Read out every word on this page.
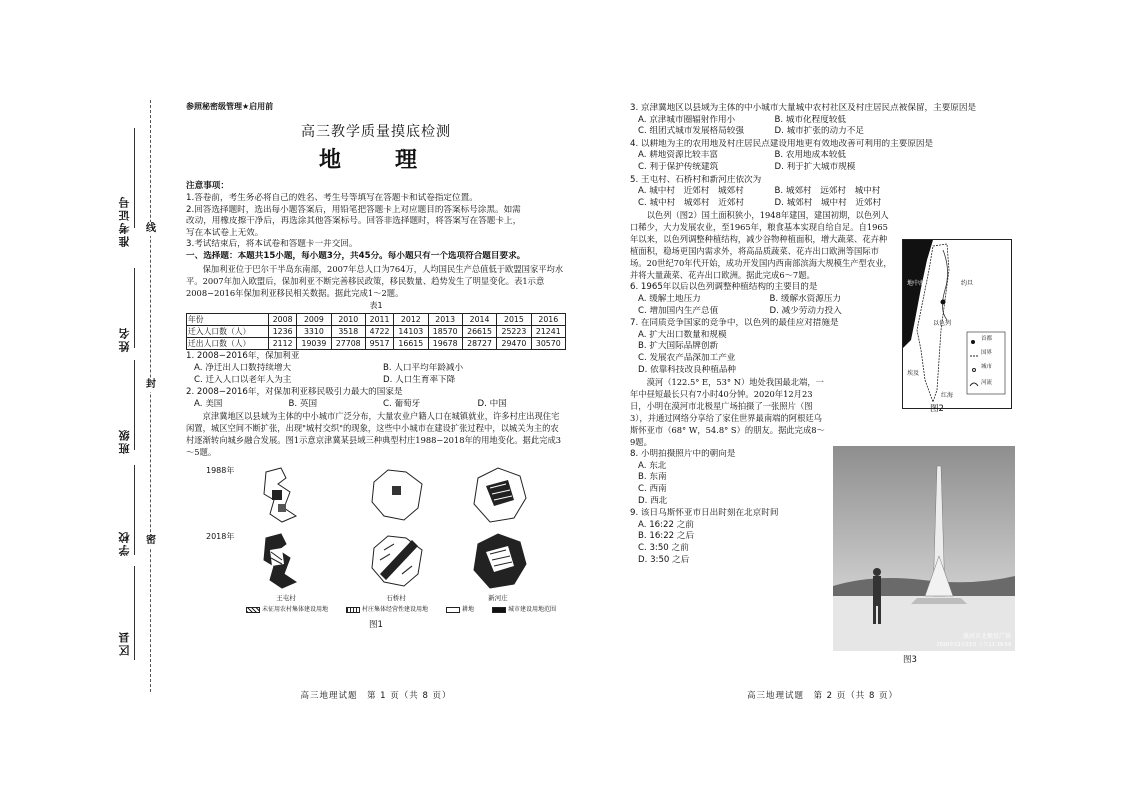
准考证号
姓名
班级
学校
区县
线
封
密
参照秘密级管理★启用前
高三教学质量摸底检测
地　理
注意事项：
1.答卷前，考生务必将自己的姓名、考生号等填写在答题卡和试卷指定位置。
2.回答选择题时，选出每小题答案后，用铅笔把答题卡上对应题目的答案标号涂黑。如需
改动，用橡皮擦干净后，再选涂其他答案标号。回答非选择题时，将答案写在答题卡上，
写在本试卷上无效。
3.考试结束后，将本试卷和答题卡一并交回。
一、选择题：本题共15小题，每小题3分，共45分。每小题只有一个选项符合题目要求。
保加利亚位于巴尔干半岛东南部，2007年总人口为764万，人均国民生产总值低于欧盟国家平均水平。2007年加入欧盟后，保加利亚不断完善移民政策，移民数量、趋势发生了明显变化。表1示意2008−2016年保加利亚移民相关数据。据此完成1～2题。
表1
年份	2008	2009	2010	2011	2012	2013	2014	2015	2016
迁入人口数（人）	1236	3310	3518	4722	14103	18570	26615	25223	21241
迁出人口数（人）	2112	19039	27708	9517	16615	19678	28727	29470	30570
1. 2008−2016年，保加利亚
A. 净迁出人口数持续增大	B. 人口平均年龄减小
C. 迁入人口以老年人为主	D. 人口生育率下降
2. 2008−2016年，对保加利亚移民吸引力最大的国家是
A. 美国	B. 英国	C. 葡萄牙	D. 中国
京津冀地区以县域为主体的中小城市广泛分布，大量农业户籍人口在城镇就业，许多村庄出现住宅闲置，城区空间不断扩张，出现"城村交织"的现象，这些中小城市在建设扩张过程中，以城关为主的农村逐渐转向城乡融合发展。图1示意京津冀某县域三种典型村庄1988−2018年的用地变化。据此完成3～5题。
1988年
2018年
王屯村	石桥村	新河庄
未征用农村集体建设用地	村庄集体经营性建设用地	耕地	城市建设用地范围
图1
高三地理试题　第 1 页（共 8 页）
3. 京津冀地区以县域为主体的中小城市大量城中农村社区及村庄居民点被保留，主要原因是
A. 京津城市圈辐射作用小	B. 城市化程度较低
C. 组团式城市发展格局较强	D. 城市扩张的动力不足
4. 以耕地为主的农用地及村庄居民点建设用地更有效地改善可利用的主要原因是
A. 耕地资源比较丰富	B. 农用地成本较低
C. 利于保护传统建筑	D. 利于扩大城市规模
5. 王屯村、石桥村和新河庄依次为
A. 城中村　近郊村　城郊村	B. 城郊村　远郊村　城中村
C. 城中村　城郊村　近郊村	D. 城郊村　城中村　近郊村
以色列（图2）国土面积狭小，1948年建国，建国初期，以色列人口稀少，大力发展农业，至1965年，粮食基本实现自给自足。自1965年以来，以色列调整种植结构，减少谷物种植面积，增大蔬菜、花卉种植面积，稳场更国内需求外，将高品质蔬菜、花卉出口欧洲等国际市场。20世纪70年代开始，成功开发国内西南部滨海大规模生产型农业，并将大量蔬菜、花卉出口欧洲。据此完成6～7题。
6. 1965年以后以色列调整种植结构的主要目的是
A. 缓解土地压力	B. 缓解水资源压力
C. 增加国内生产总值	D. 减少劳动力投入
7. 在同质竞争国家的竞争中，以色列的最佳应对措施是
A. 扩大出口数量和规模
B. 扩大国际品牌创新
C. 发展农产品深加工产业
D. 依靠科技改良种植品种
漠河（122.5° E，53° N）地处我国最北端，一年中昼短最长只有7小时40分钟。2020年12月23日，小明在漠河市北极星广场拍摄了一张照片（图3），并通过网络分享给了家住世界最南端的阿根廷乌斯怀亚市（68° W，54.8° S）的朋友。据此完成8～9题。
8. 小明拍摄照片中的朝向是
A. 东北
B. 东南
C. 西南
D. 西北
9. 该日乌斯怀亚市日出时刻在北京时间
A. 16:22 之前
B. 16:22 之后
C. 3:50 之前
D. 3:50 之后
地中海
以色列
约旦
埃及
红海
首都
国界
城市
河流
图2
漠河市北极星广场
2020年12月23日 上午11:39:59
图3
高三地理试题　第 2 页（共 8 页）
